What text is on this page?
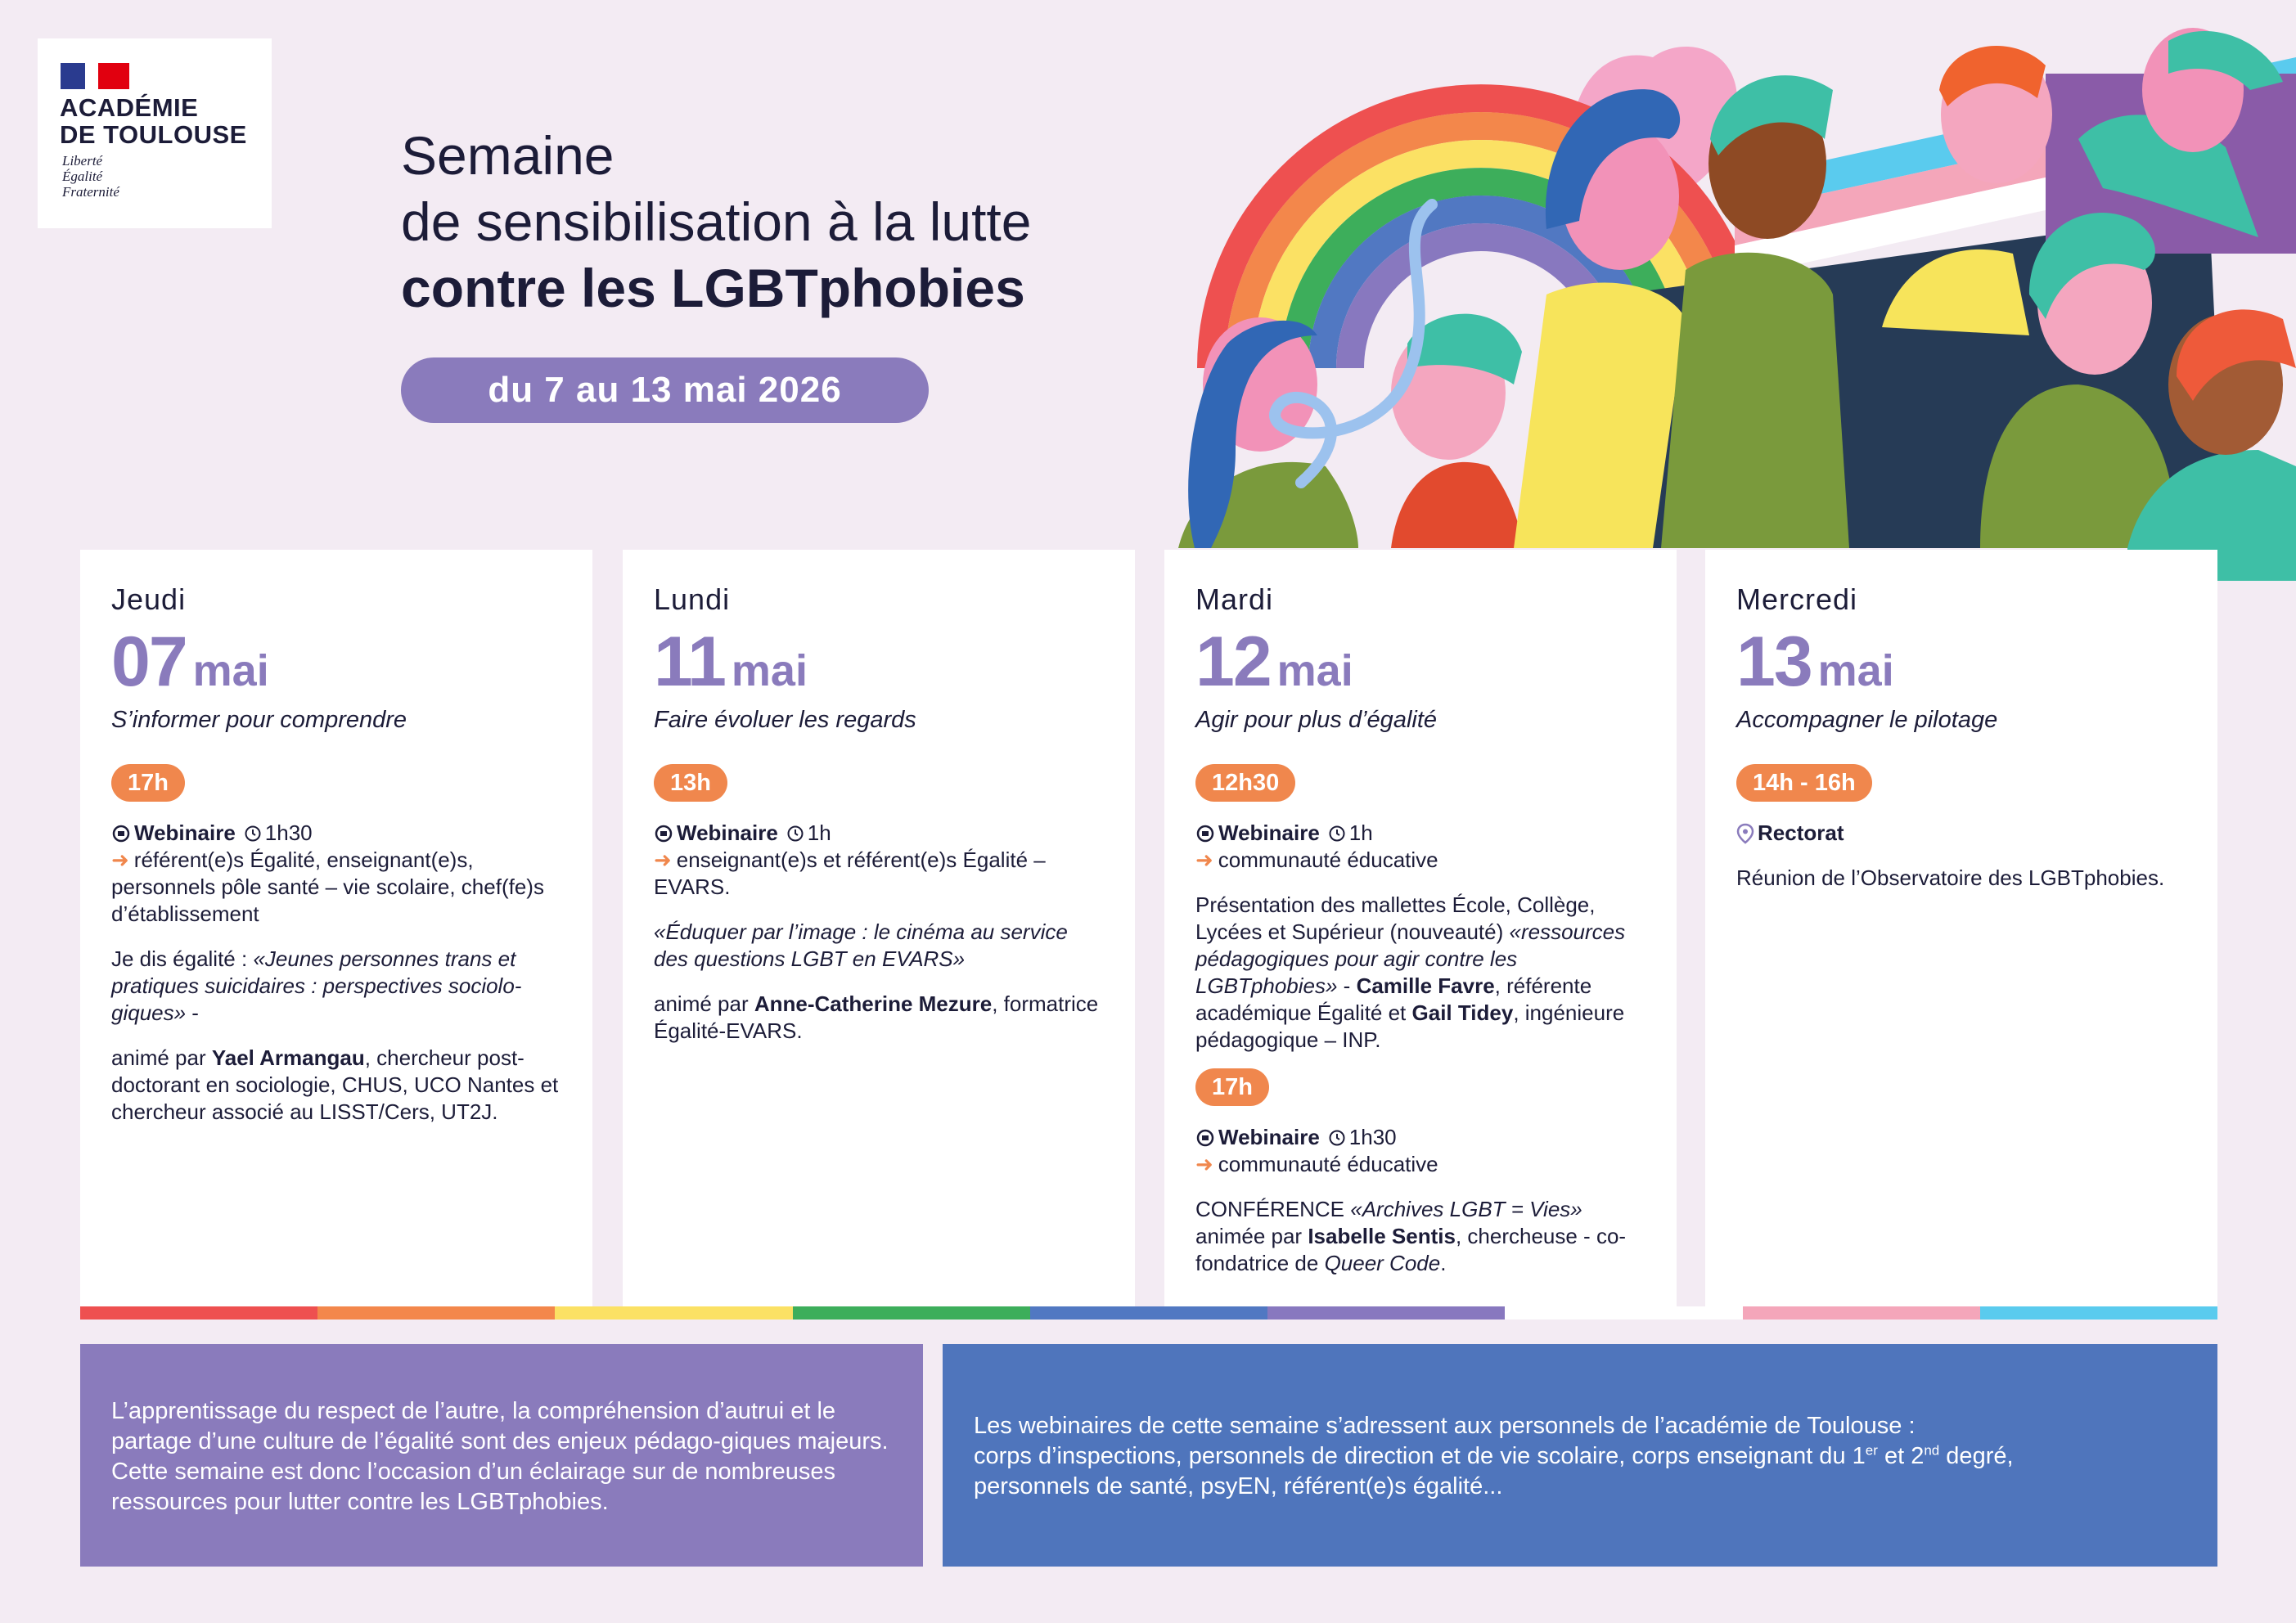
ACADÉMIE
DE TOULOUSE
Liberté
Égalité
Fraternité
Semaine
de sensibilisation à la lutte
contre les LGBTphobies
du 7 au 13 mai 2026
Jeudi
07 mai
S’informer pour comprendre
17h
Webinaire 1h30
➜ référent(e)s Égalité, enseignant(e)s, personnels pôle santé – vie scolaire, chef(fe)s d’établissement
Je dis égalité : «Jeunes personnes trans et pratiques suicidaires : perspectives sociolo-giques» -
animé par Yael Armangau, chercheur post-doctorant en sociologie, CHUS, UCO Nantes et chercheur associé au LISST/Cers, UT2J.
Lundi
11 mai
Faire évoluer les regards
13h
Webinaire 1h
➜ enseignant(e)s et référent(e)s Égalité – EVARS.
«Éduquer par l’image : le cinéma au service des questions LGBT en EVARS»
animé par Anne-Catherine Mezure, formatrice Égalité-EVARS.
Mardi
12 mai
Agir pour plus d’égalité
12h30
Webinaire 1h
➜ communauté éducative
Présentation des mallettes École, Collège, Lycées et Supérieur (nouveauté) «ressources pédagogiques pour agir contre les LGBTphobies» - Camille Favre, référente académique Égalité et Gail Tidey, ingénieure pédagogique – INP.
17h
Webinaire 1h30
➜ communauté éducative
CONFÉRENCE «Archives LGBT = Vies» animée par Isabelle Sentis, chercheuse - co-fondatrice de Queer Code.
Mercredi
13 mai
Accompagner le pilotage
14h - 16h
Rectorat
Réunion de l’Observatoire des LGBTphobies.
L’apprentissage du respect de l’autre, la compréhension d’autrui et le partage d’une culture de l’égalité sont des enjeux pédago-giques majeurs. Cette semaine est donc l’occasion d’un éclairage sur de nombreuses ressources pour lutter contre les LGBTphobies.
Les webinaires de cette semaine s’adressent aux personnels de l’académie de Toulouse :
corps d’inspections, personnels de direction et de vie scolaire, corps enseignant du 1er et 2nd degré,
personnels de santé, psyEN, référent(e)s égalité...
